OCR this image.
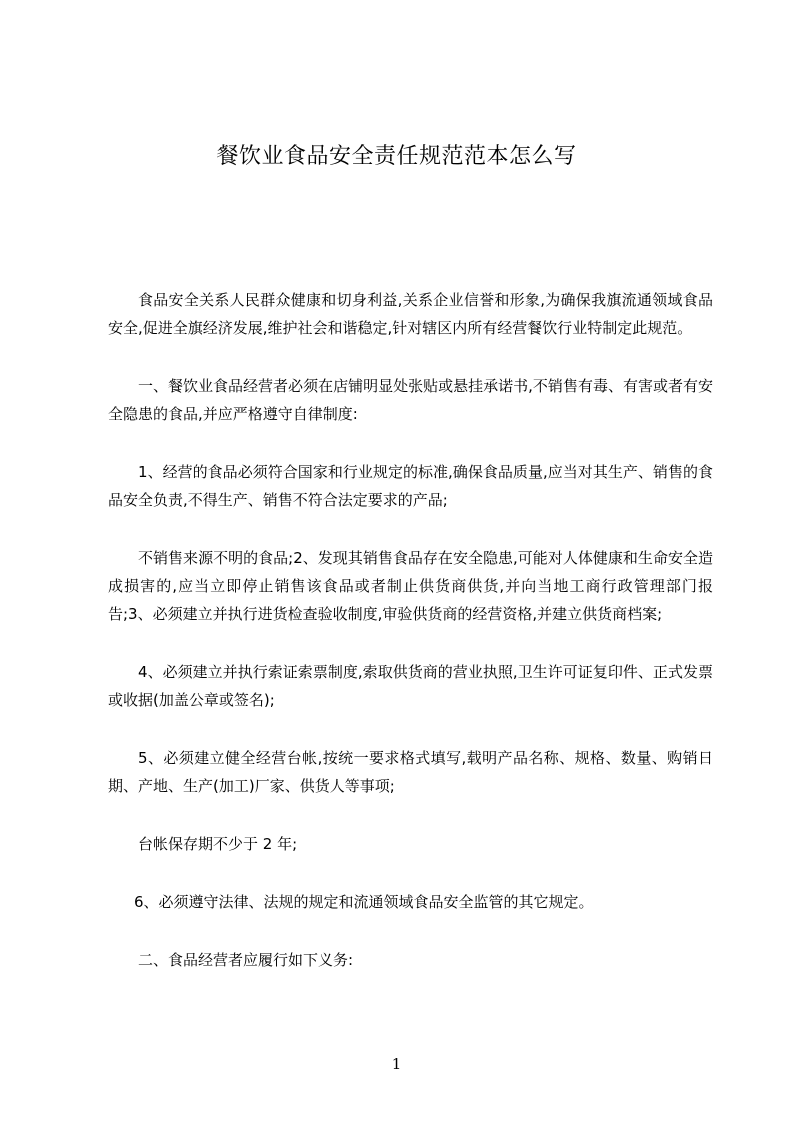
餐饮业食品安全责任规范范本怎么写

食品安全关系人民群众健康和切身利益,关系企业信誉和形象,为确保我旗流通领域食品安全,促进全旗经济发展,维护社会和谐稳定,针对辖区内所有经营餐饮行业特制定此规范。

一、餐饮业食品经营者必须在店铺明显处张贴或悬挂承诺书,不销售有毒、有害或者有安全隐患的食品,并应严格遵守自律制度:

1、经营的食品必须符合国家和行业规定的标准,确保食品质量,应当对其生产、销售的食品安全负责,不得生产、销售不符合法定要求的产品;

不销售来源不明的食品;2、发现其销售食品存在安全隐患,可能对人体健康和生命安全造成损害的,应当立即停止销售该食品或者制止供货商供货,并向当地工商行政管理部门报告;3、必须建立并执行进货检查验收制度,审验供货商的经营资格,并建立供货商档案;

4、必须建立并执行索证索票制度,索取供货商的营业执照,卫生许可证复印件、正式发票或收据(加盖公章或签名);

5、必须建立健全经营台帐,按统一要求格式填写,载明产品名称、规格、数量、购销日期、产地、生产(加工)厂家、供货人等事项;

台帐保存期不少于 2 年;

6、必须遵守法律、法规的规定和流通领域食品安全监管的其它规定。

二、食品经营者应履行如下义务:

1
